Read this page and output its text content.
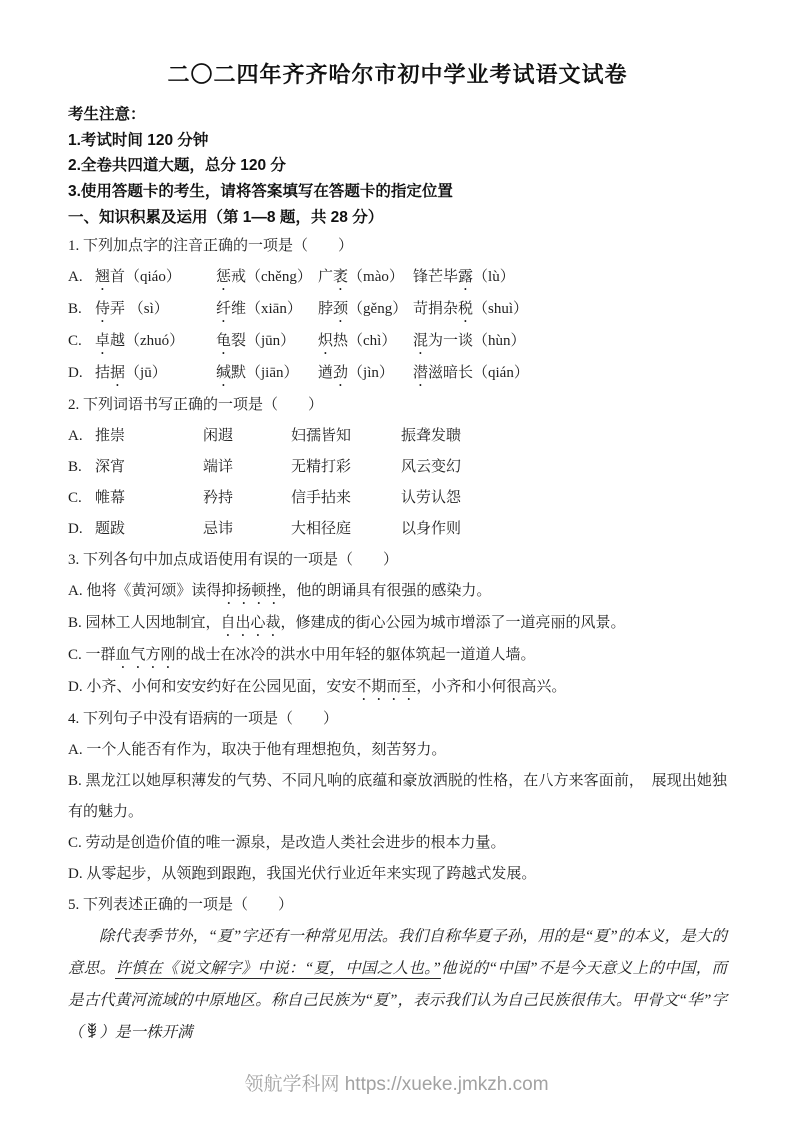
二〇二四年齐齐哈尔市初中学业考试语文试卷

考生注意：

1.考试时间 120 分钟

2.全卷共四道大题，总分 120 分

3.使用答题卡的考生，请将答案填写在答题卡的指定位置

一、知识积累及运用（第 1—8 题，共 28 分）

1. 下列加点字的注音正确的一项是（　　）

A. 翘首（qiáo）	惩戒（chěng） 广袤（mào） 锋芒毕露（lù）
B. 侍弄 （sì）	纤维（xiān）	脖颈（gěng） 苛捐杂税（shuì）
C. 卓越（zhuó）	龟裂（jūn）	炽热（chì）	混为一谈（hùn）
D. 拮据（jū）	缄默（jiān）	遒劲（jìn）	潜滋暗长（qián）

2. 下列词语书写正确的一项是（　　）

A. 推崇	闲遐	妇孺皆知	振聋发聩
B. 深宵	端详	无精打彩	风云变幻
C. 帷幕	矜持	信手拈来	认劳认怨
D. 题跋	忌讳	大相径庭	以身作则

3. 下列各句中加点成语使用有误的一项是（　　）

A. 他将《黄河颂》读得抑扬顿挫，他的朗诵具有很强的感染力。

B. 园林工人因地制宜，自出心裁，修建成的街心公园为城市增添了一道亮丽的风景。

C. 一群血气方刚的战士在冰冷的洪水中用年轻的躯体筑起一道道人墙。

D. 小齐、小何和安安约好在公园见面，安安不期而至，小齐和小何很高兴。

4. 下列句子中没有语病的一项是（　　）

A. 一个人能否有作为，取决于他有理想抱负，刻苦努力。

B. 黑龙江以她厚积薄发的气势、不同凡响的底蕴和豪放洒脱的性格，在八方来客面前，　展现出她独有的魅力。

C. 劳动是创造价值的唯一源泉，是改造人类社会进步的根本力量。

D. 从零起步，从领跑到跟跑，我国光伏行业近年来实现了跨越式发展。

5. 下列表述正确的一项是（　　）

除代表季节外，“夏”字还有一种常见用法。我们自称华夏子孙，用的是“夏”的本义，是大的意思。许慎在《说文解字》中说：“夏，中国之人也。”他说的“中国”不是今天意义上的中国，而是古代黄河流域的中原地区。称自己民族为“夏”，表示我们认为自己民族很伟大。甲骨文“华”字（ ）是一株开满

领航学科网 https://xueke.jmkzh.com
